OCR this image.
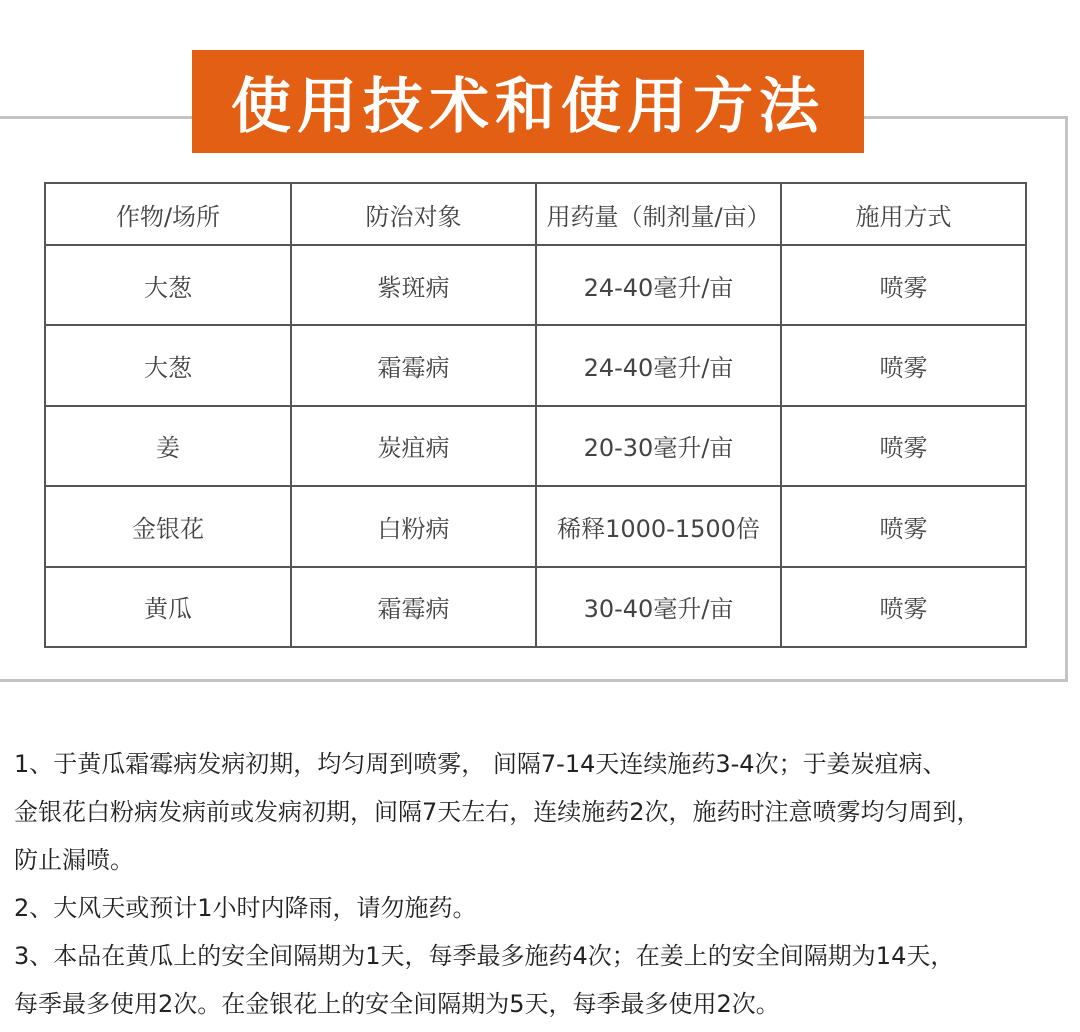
使用技术和使用方法
作物/场所	防治对象	用药量（制剂量/亩）	施用方式
大葱	紫斑病	24-40毫升/亩	喷雾
大葱	霜霉病	24-40毫升/亩	喷雾
姜	炭疽病	20-30毫升/亩	喷雾
金银花	白粉病	稀释1000-1500倍	喷雾
黄瓜	霜霉病	30-40毫升/亩	喷雾

1、于黄瓜霜霉病发病初期，均匀周到喷雾， 间隔7-14天连续施药3-4次；于姜炭疽病、

金银花白粉病发病前或发病初期，间隔7天左右，连续施药2次，施药时注意喷雾均匀周到，

防止漏喷。

2、大风天或预计1小时内降雨，请勿施药。

3、本品在黄瓜上的安全间隔期为1天，每季最多施药4次；在姜上的安全间隔期为14天，

每季最多使用2次。在金银花上的安全间隔期为5天，每季最多使用2次。
